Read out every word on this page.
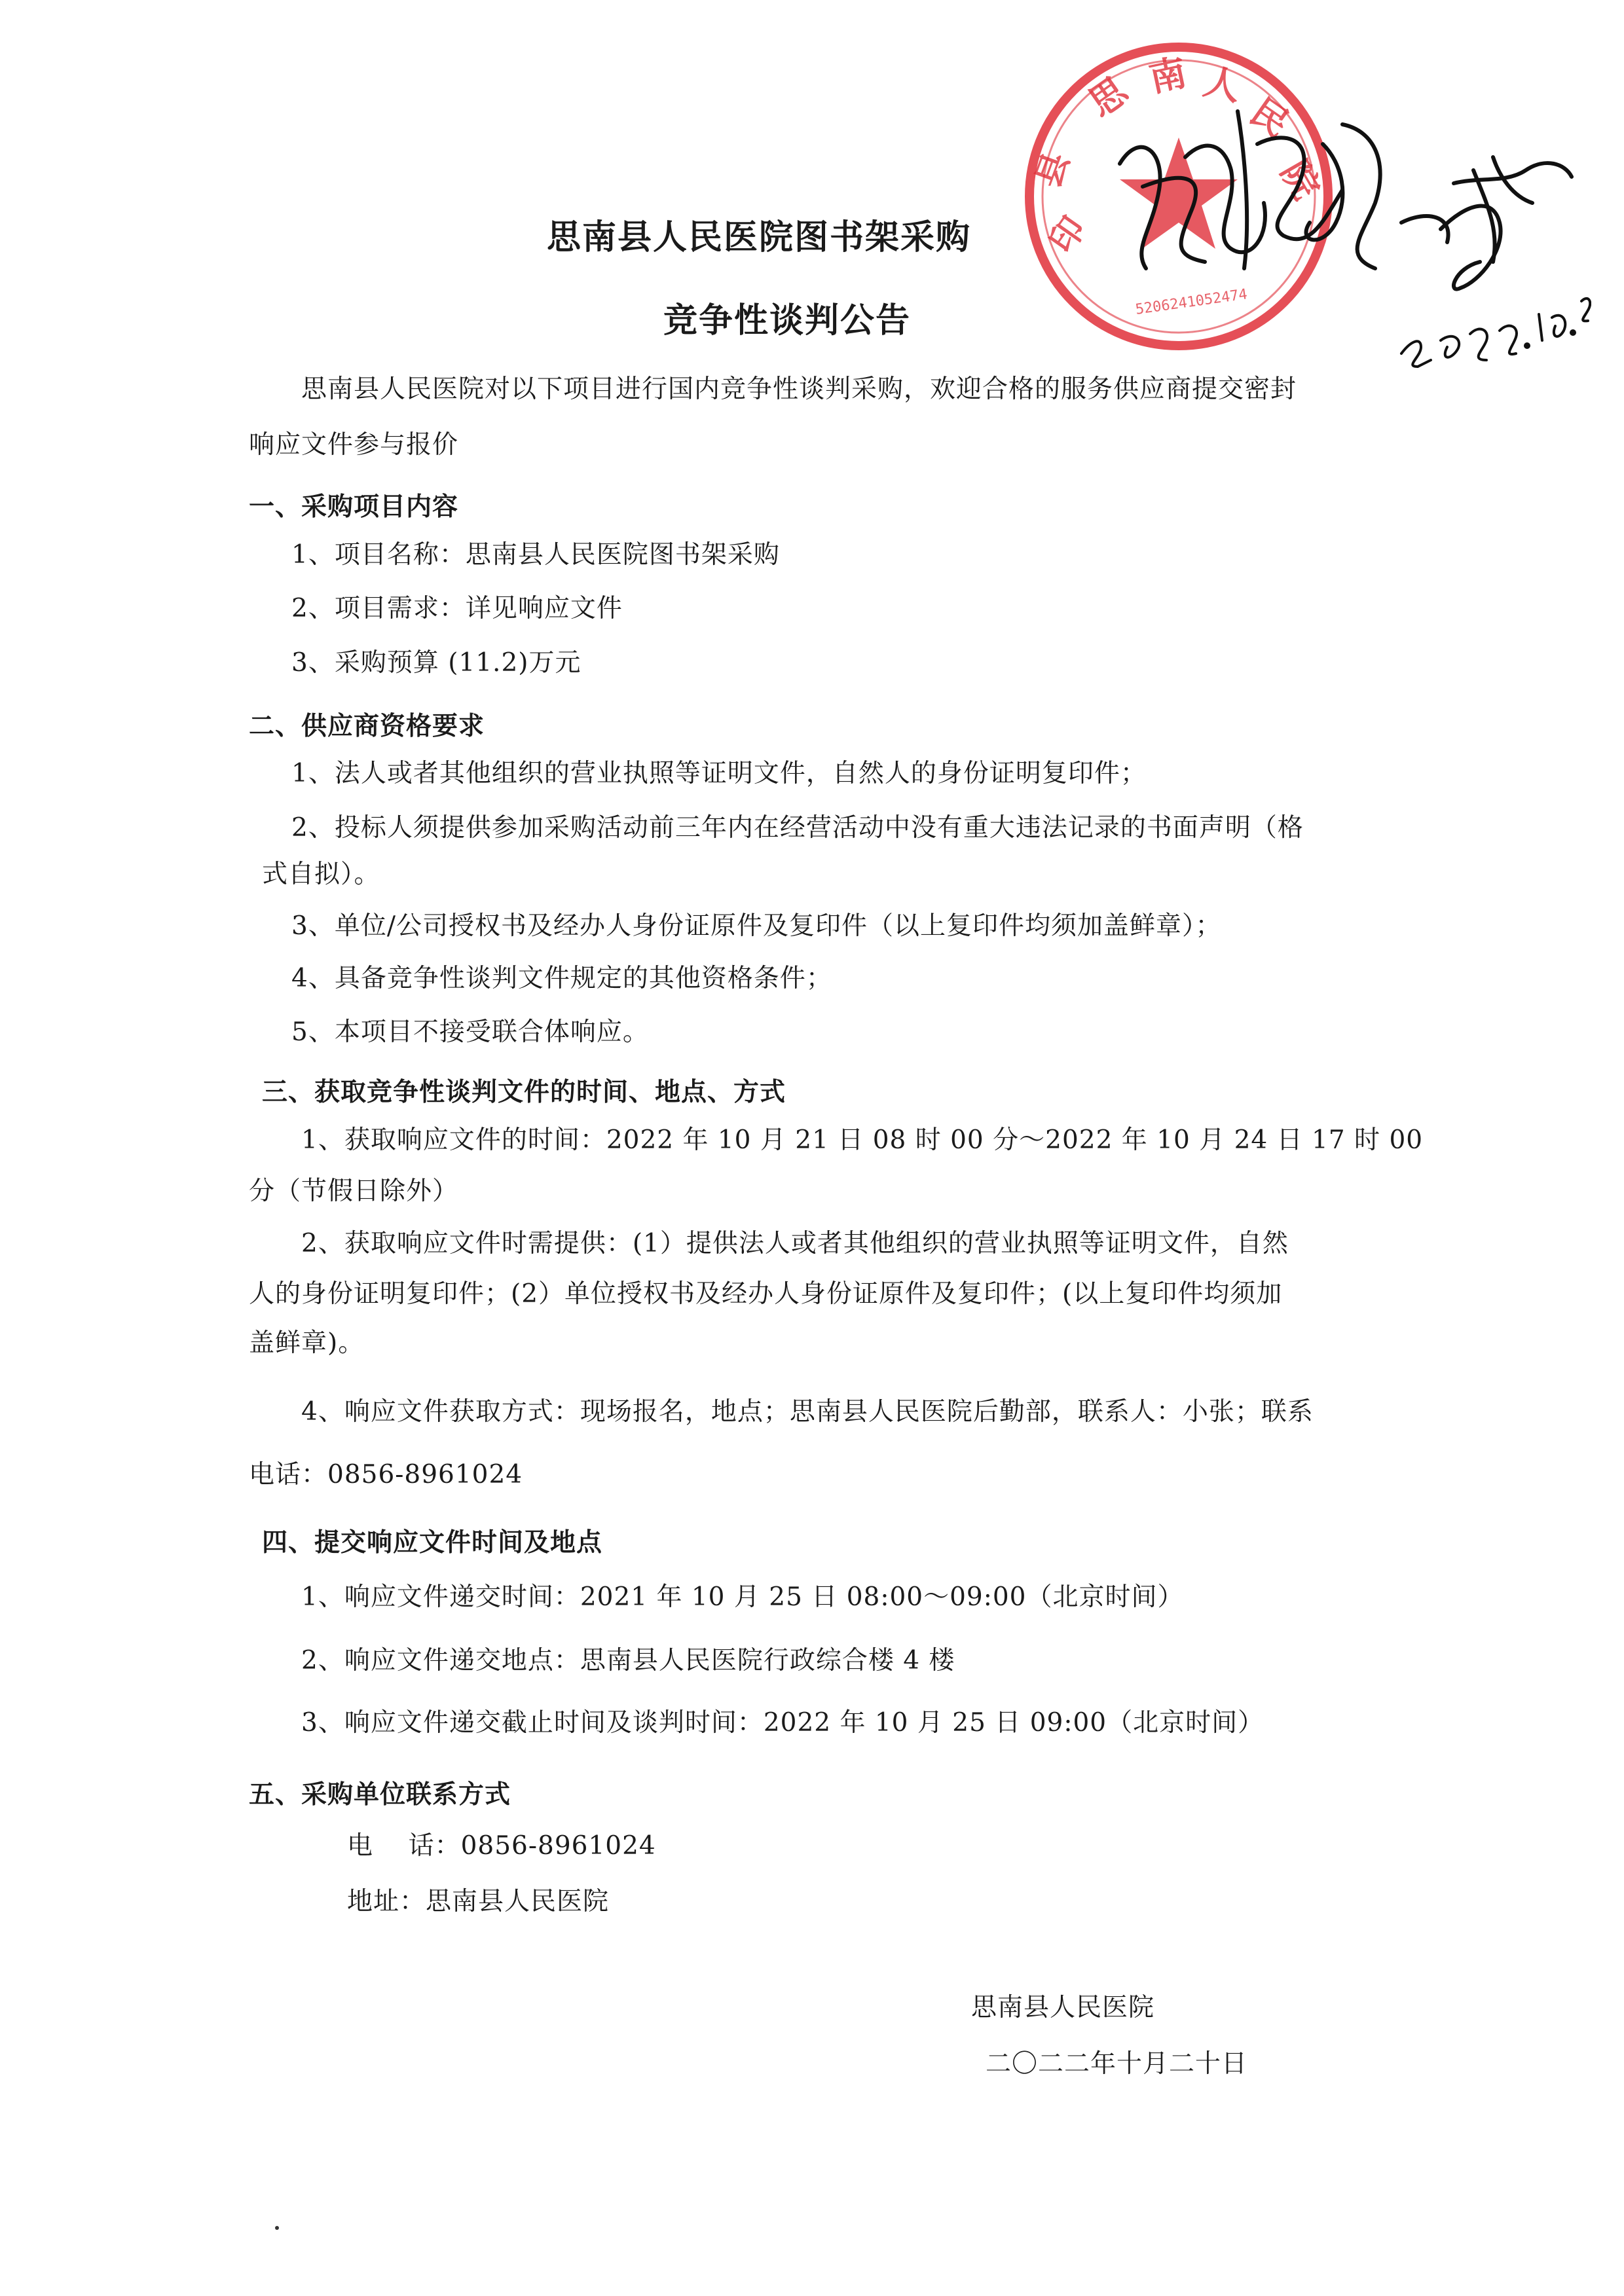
思南县人民医院图书架采购
竞争性谈判公告
思 南 人
民
院
县
印
5206241052474
思南县人民医院对以下项目进行国内竞争性谈判采购，欢迎合格的服务供应商提交密封
响应文件参与报价
一、采购项目内容
1、项目名称：思南县人民医院图书架采购
2、项目需求：详见响应文件
3、采购预算 (11.2)万元
二、供应商资格要求
1、法人或者其他组织的营业执照等证明文件，自然人的身份证明复印件；
2、投标人须提供参加采购活动前三年内在经营活动中没有重大违法记录的书面声明（格
式自拟）。
3、单位/公司授权书及经办人身份证原件及复印件（以上复印件均须加盖鲜章）；
4、具备竞争性谈判文件规定的其他资格条件；
5、本项目不接受联合体响应。
三、获取竞争性谈判文件的时间、地点、方式
1、获取响应文件的时间：2022 年 10 月 21 日 08 时 00 分～2022 年 10 月 24 日 17 时 00
分（节假日除外）
2、获取响应文件时需提供：(1）提供法人或者其他组织的营业执照等证明文件，自然
人的身份证明复印件；(2）单位授权书及经办人身份证原件及复印件；(以上复印件均须加
盖鲜章)。
4、响应文件获取方式：现场报名，地点；思南县人民医院后勤部，联系人：小张；联系
电话：0856-8961024
四、提交响应文件时间及地点
1、响应文件递交时间：2021 年 10 月 25 日 08:00～09:00（北京时间）
2、响应文件递交地点：思南县人民医院行政综合楼 4 楼
3、响应文件递交截止时间及谈判时间：2022 年 10 月 25 日 09:00（北京时间）
五、采购单位联系方式
电    话：0856-8961024
地址：思南县人民医院
思南县人民医院
二〇二二年十月二十日
